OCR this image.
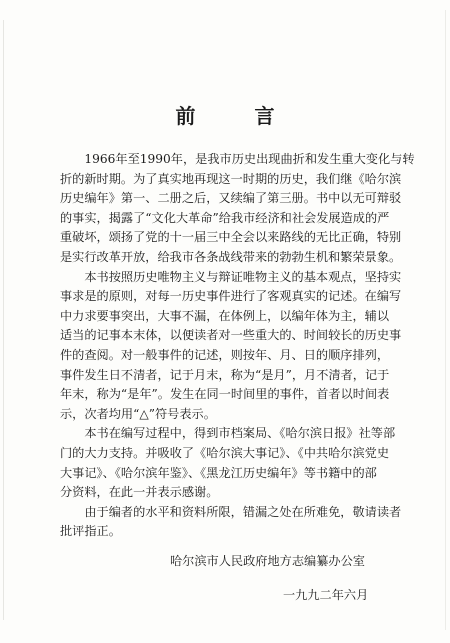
前 言

　　1966年至1990年，是我市历史出现曲折和发生重大变化与转

折的新时期。为了真实地再现这一时期的历史，我们继《哈尔滨

历史编年》第一、二册之后，又续编了第三册。书中以无可辩驳

的事实，揭露了“文化大革命”给我市经济和社会发展造成的严

重破坏，颂扬了党的十一届三中全会以来路线的无比正确，特别

是实行改革开放，给我市各条战线带来的勃勃生机和繁荣景象。

　　本书按照历史唯物主义与辩证唯物主义的基本观点，坚持实

事求是的原则，对每一历史事件进行了客观真实的记述。在编写

中力求要事突出，大事不漏，在体例上，以编年体为主，辅以

适当的记事本末体，以便读者对一些重大的、时间较长的历史事

件的查阅。对一般事件的记述，则按年、月、日的顺序排列，

事件发生日不清者，记于月末，称为“是月”，月不清者，记于

年末，称为“是年”。发生在同一时间里的事件，首者以时间表

示，次者均用“△”符号表示。

　　本书在编写过程中，得到市档案局、《哈尔滨日报》社等部

门的大力支持。并吸收了《哈尔滨大事记》、《中共哈尔滨党史

大事记》、《哈尔滨年鉴》、《黑龙江历史编年》等书籍中的部

分资料，在此一并表示感谢。

　　由于编者的水平和资料所限，错漏之处在所难免，敬请读者

批评指正。

哈尔滨市人民政府地方志编纂办公室
一九九二年六月
